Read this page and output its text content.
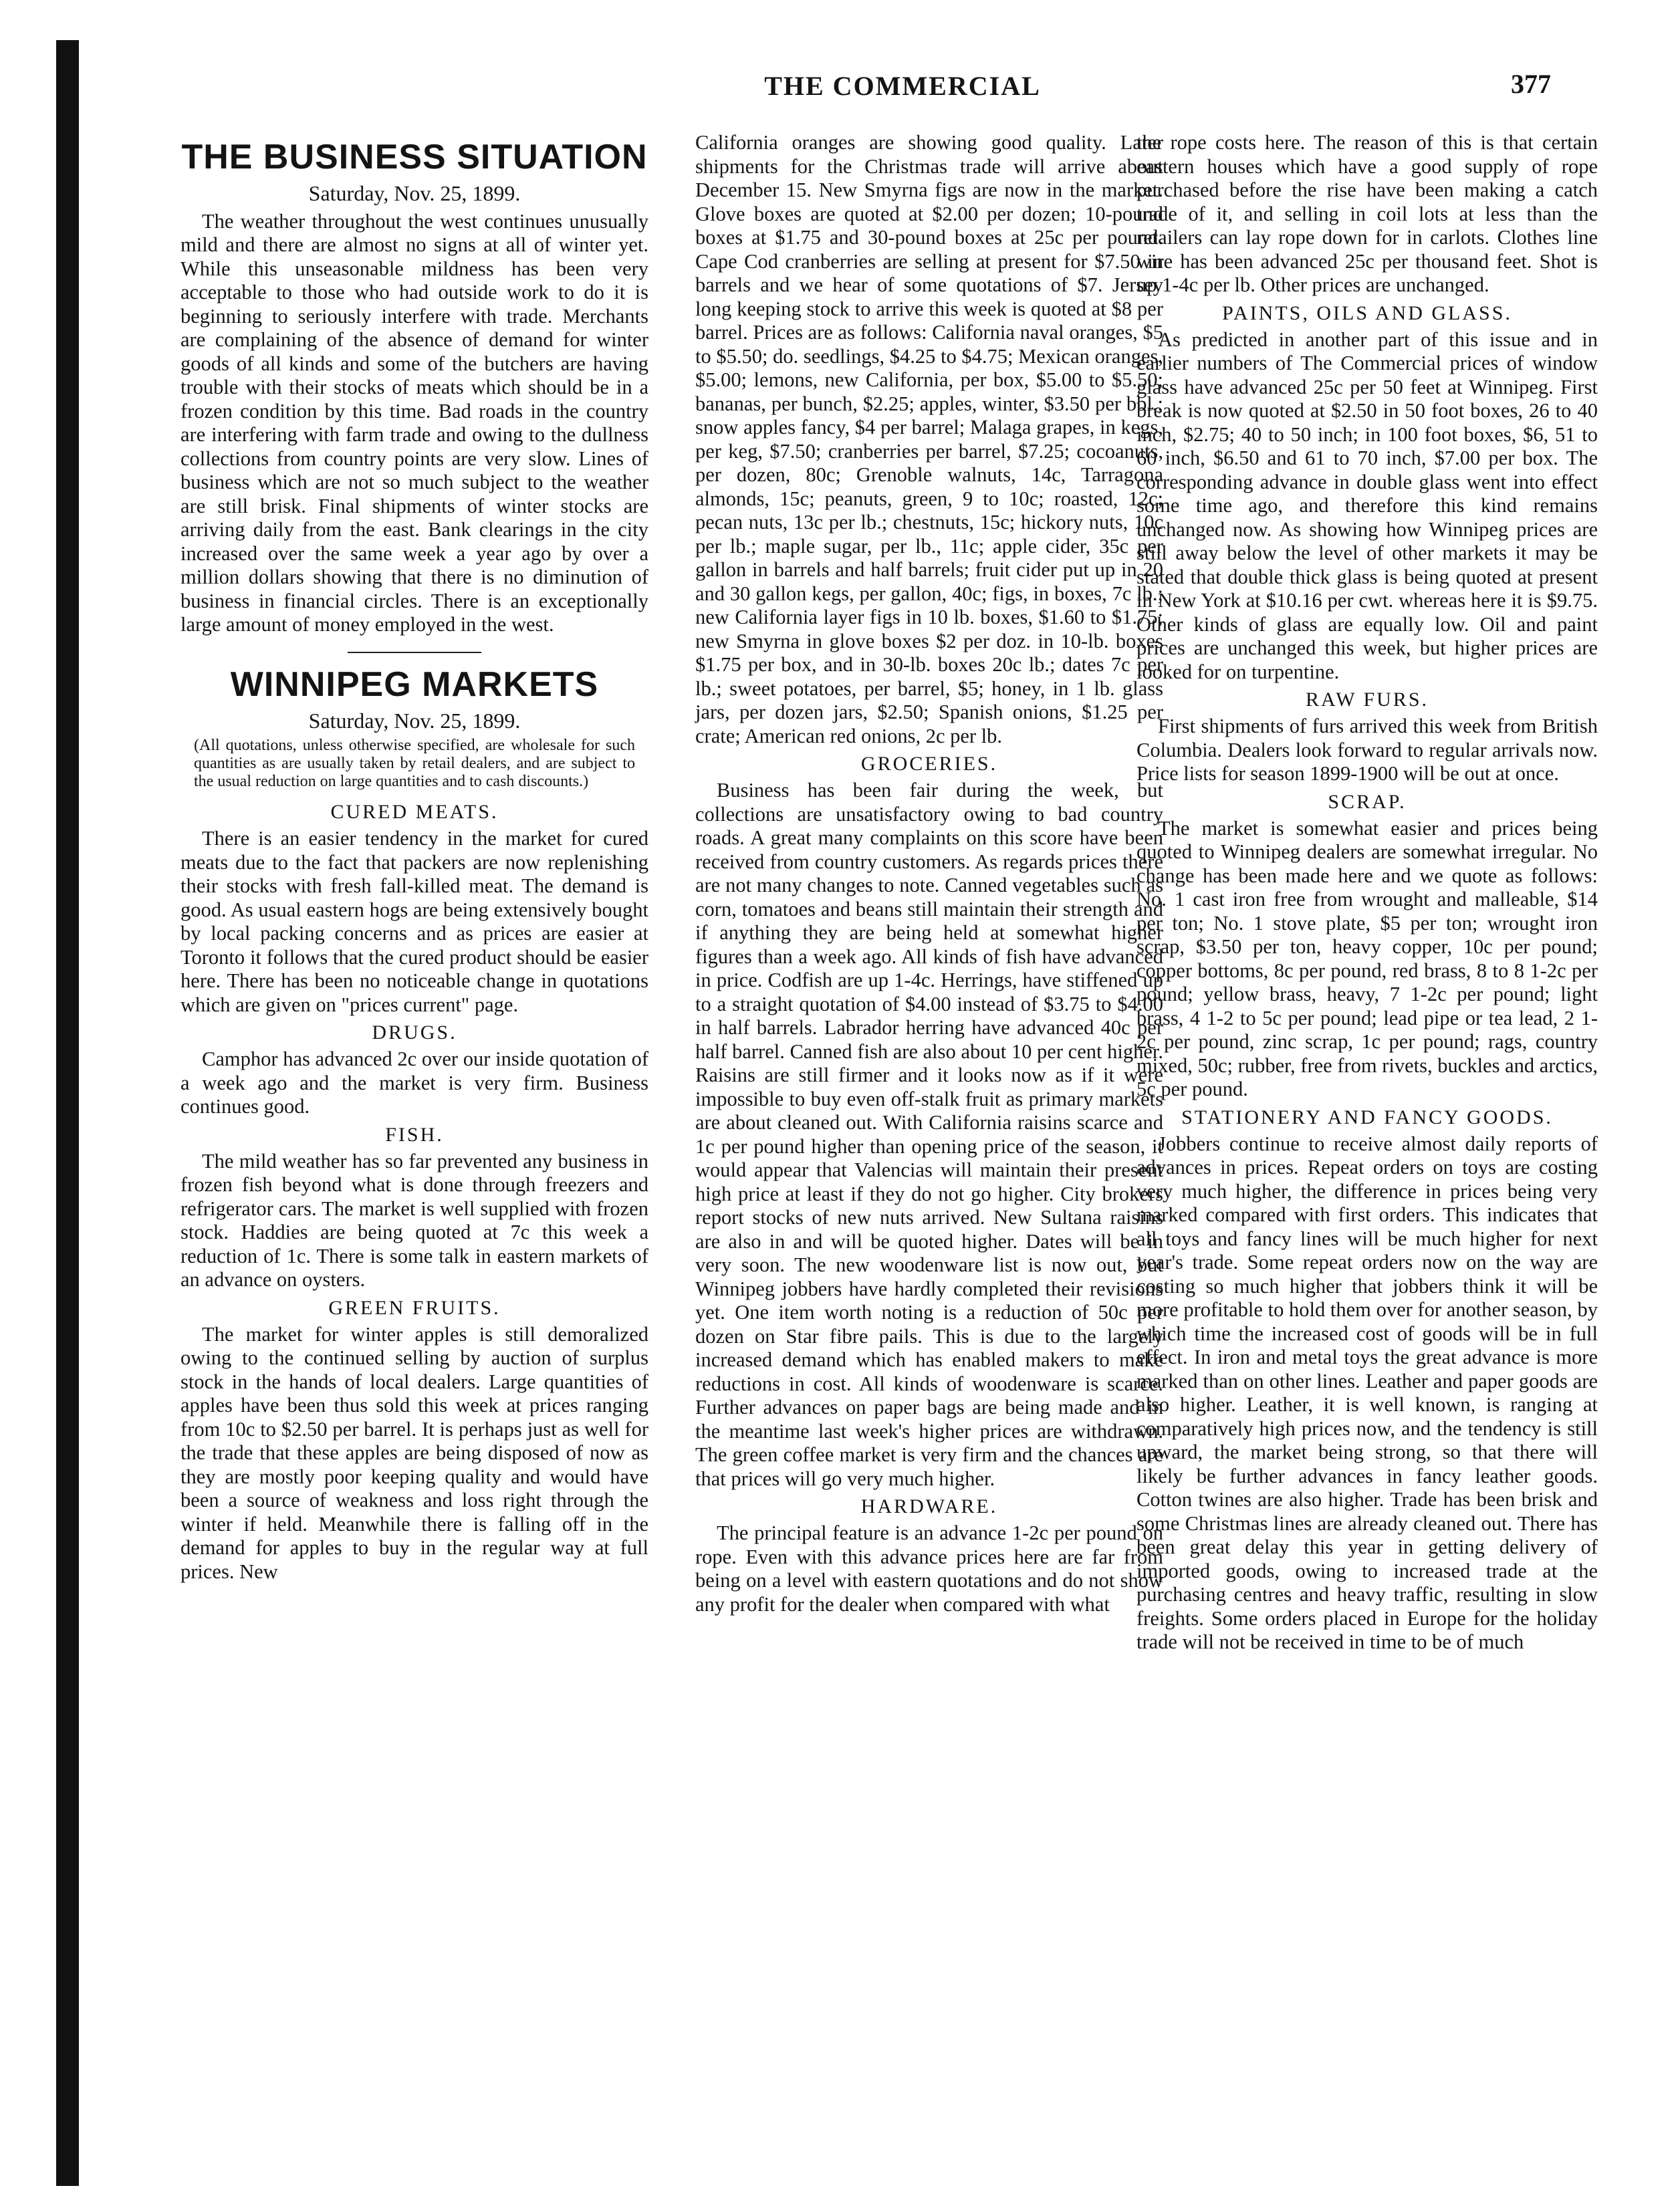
THE COMMERCIAL	377
THE BUSINESS SITUATION
Saturday, Nov. 25, 1899.

The weather throughout the west continues unusually mild and there are almost no signs at all of winter yet. While this unseasonable mildness has been very acceptable to those who had outside work to do it is beginning to seriously interfere with trade. Merchants are complaining of the absence of demand for winter goods of all kinds and some of the butchers are having trouble with their stocks of meats which should be in a frozen condition by this time. Bad roads in the country are interfering with farm trade and owing to the dullness collections from country points are very slow. Lines of business which are not so much subject to the weather are still brisk. Final shipments of winter stocks are arriving daily from the east. Bank clearings in the city increased over the same week a year ago by over a million dollars showing that there is no diminution of business in financial circles. There is an exceptionally large amount of money employed in the west.

WINNIPEG MARKETS
Saturday, Nov. 25, 1899.
(All quotations, unless otherwise specified, are wholesale for such quantities as are usually taken by retail dealers, and are subject to the usual reduction on large quantities and to cash discounts.)
CURED MEATS.

There is an easier tendency in the market for cured meats due to the fact that packers are now replenishing their stocks with fresh fall-killed meat. The demand is good. As usual eastern hogs are being extensively bought by local packing concerns and as prices are easier at Toronto it follows that the cured product should be easier here. There has been no noticeable change in quotations which are given on "prices current" page.

DRUGS.

Camphor has advanced 2c over our inside quotation of a week ago and the market is very firm. Business continues good.

FISH.

The mild weather has so far prevented any business in frozen fish beyond what is done through freezers and refrigerator cars. The market is well supplied with frozen stock. Haddies are being quoted at 7c this week a reduction of 1c. There is some talk in eastern markets of an advance on oysters.

GREEN FRUITS.

The market for winter apples is still demoralized owing to the continued selling by auction of surplus stock in the hands of local dealers. Large quantities of apples have been thus sold this week at prices ranging from 10c to $2.50 per barrel. It is perhaps just as well for the trade that these apples are being disposed of now as they are mostly poor keeping quality and would have been a source of weakness and loss right through the winter if held. Meanwhile there is falling off in the demand for apples to buy in the regular way at full prices. New

California oranges are showing good quality. Later shipments for the Christmas trade will arrive about December 15. New Smyrna figs are now in the market. Glove boxes are quoted at $2.00 per dozen; 10-pound boxes at $1.75 and 30-pound boxes at 25c per pound. Cape Cod cranberries are selling at present for $7.50 in barrels and we hear of some quotations of $7. Jersey long keeping stock to arrive this week is quoted at $8 per barrel. Prices are as follows: California naval oranges, $5 to $5.50; do. seedlings, $4.25 to $4.75; Mexican oranges, $5.00; lemons, new California, per box, $5.00 to $5.50; bananas, per bunch, $2.25; apples, winter, $3.50 per bbl.; snow apples fancy, $4 per barrel; Malaga grapes, in kegs, per keg, $7.50; cranberries per barrel, $7.25; cocoanuts, per dozen, 80c; Grenoble walnuts, 14c, Tarragona almonds, 15c; peanuts, green, 9 to 10c; roasted, 12c; pecan nuts, 13c per lb.; chestnuts, 15c; hickory nuts, 10c per lb.; maple sugar, per lb., 11c; apple cider, 35c per gallon in barrels and half barrels; fruit cider put up in 20 and 30 gallon kegs, per gallon, 40c; figs, in boxes, 7c lb.; new California layer figs in 10 lb. boxes, $1.60 to $1.75; new Smyrna in glove boxes $2 per doz. in 10-lb. boxes $1.75 per box, and in 30-lb. boxes 20c lb.; dates 7c per lb.; sweet potatoes, per barrel, $5; honey, in 1 lb. glass jars, per dozen jars, $2.50; Spanish onions, $1.25 per crate; American red onions, 2c per lb.
GROCERIES.

Business has been fair during the week, but collections are unsatisfactory owing to bad country roads. A great many complaints on this score have been received from country customers. As regards prices there are not many changes to note. Canned vegetables such as corn, tomatoes and beans still maintain their strength and if anything they are being held at somewhat higher figures than a week ago. All kinds of fish have advanced in price. Codfish are up 1-4c. Herrings, have stiffened up to a straight quotation of $4.00 instead of $3.75 to $4.00 in half barrels. Labrador herring have advanced 40c per half barrel. Canned fish are also about 10 per cent higher. Raisins are still firmer and it looks now as if it were impossible to buy even off-stalk fruit as primary markets are about cleaned out. With California raisins scarce and 1c per pound higher than opening price of the season, it would appear that Valencias will maintain their present high price at least if they do not go higher. City brokers report stocks of new nuts arrived. New Sultana raisins are also in and will be quoted higher. Dates will be in very soon. The new woodenware list is now out, but Winnipeg jobbers have hardly completed their revisions yet. One item worth noting is a reduction of 50c per dozen on Star fibre pails. This is due to the largely increased demand which has enabled makers to make reductions in cost. All kinds of woodenware is scarce. Further advances on paper bags are being made and in the meantime last week's higher prices are withdrawn. The green coffee market is very firm and the chances are that prices will go very much higher.

HARDWARE.

The principal feature is an advance 1-2c per pound on rope. Even with this advance prices here are far from being on a level with eastern quotations and do not show any profit for the dealer when compared with what

the rope costs here. The reason of this is that certain eastern houses which have a good supply of rope purchased before the rise have been making a catch trade of it, and selling in coil lots at less than the retailers can lay rope down for in carlots. Clothes line wire has been advanced 25c per thousand feet. Shot is up 1-4c per lb. Other prices are unchanged.
PAINTS, OILS AND GLASS.

As predicted in another part of this issue and in earlier numbers of The Commercial prices of window glass have advanced 25c per 50 feet at Winnipeg. First break is now quoted at $2.50 in 50 foot boxes, 26 to 40 inch, $2.75; 40 to 50 inch; in 100 foot boxes, $6, 51 to 60 inch, $6.50 and 61 to 70 inch, $7.00 per box. The corresponding advance in double glass went into effect some time ago, and therefore this kind remains unchanged now. As showing how Winnipeg prices are still away below the level of other markets it may be stated that double thick glass is being quoted at present in New York at $10.16 per cwt. whereas here it is $9.75. Other kinds of glass are equally low. Oil and paint prices are unchanged this week, but higher prices are looked for on turpentine.

RAW FURS.

First shipments of furs arrived this week from British Columbia. Dealers look forward to regular arrivals now. Price lists for season 1899-1900 will be out at once.

SCRAP.

The market is somewhat easier and prices being quoted to Winnipeg dealers are somewhat irregular. No change has been made here and we quote as follows: No. 1 cast iron free from wrought and malleable, $14 per ton; No. 1 stove plate, $5 per ton; wrought iron scrap, $3.50 per ton, heavy copper, 10c per pound; copper bottoms, 8c per pound, red brass, 8 to 8 1-2c per pound; yellow brass, heavy, 7 1-2c per pound; light brass, 4 1-2 to 5c per pound; lead pipe or tea lead, 2 1-2c per pound, zinc scrap, 1c per pound; rags, country mixed, 50c; rubber, free from rivets, buckles and arctics, 5c per pound.

STATIONERY AND FANCY GOODS.

Jobbers continue to receive almost daily reports of advances in prices. Repeat orders on toys are costing very much higher, the difference in prices being very marked compared with first orders. This indicates that all toys and fancy lines will be much higher for next year's trade. Some repeat orders now on the way are costing so much higher that jobbers think it will be more profitable to hold them over for another season, by which time the increased cost of goods will be in full effect. In iron and metal toys the great advance is more marked than on other lines. Leather and paper goods are also higher. Leather, it is well known, is ranging at comparatively high prices now, and the tendency is still upward, the market being strong, so that there will likely be further advances in fancy leather goods. Cotton twines are also higher. Trade has been brisk and some Christmas lines are already cleaned out. There has been great delay this year in getting delivery of imported goods, owing to increased trade at the purchasing centres and heavy traffic, resulting in slow freights. Some orders placed in Europe for the holiday trade will not be received in time to be of much
